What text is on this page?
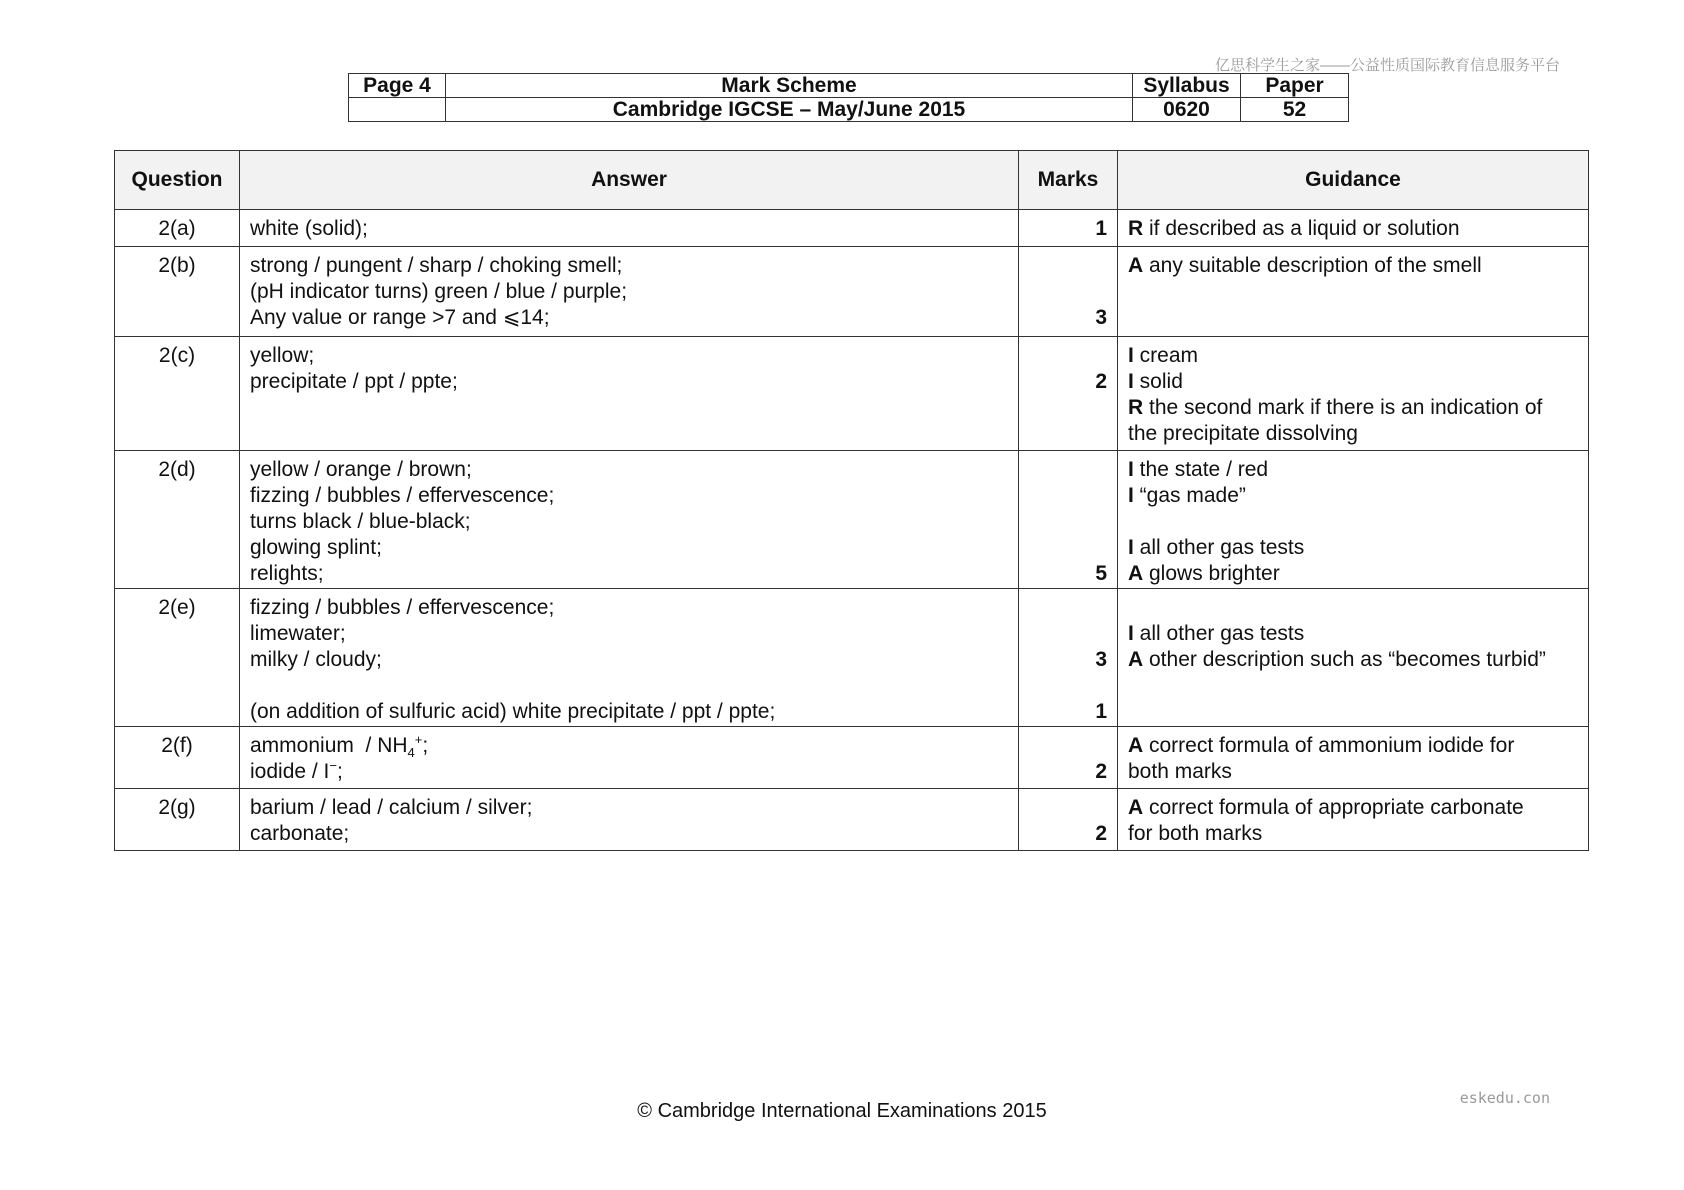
亿思科学生之家——公益性质国际教育信息服务平台
Page 4	Mark Scheme	Syllabus	Paper
	Cambridge IGCSE – May/June 2015	0620	52
Question	Answer	Marks	Guidance
2(a)	white (solid);	1	R if described as a liquid or solution

2(b)	strong / pungent / sharp / choking smell;
(pH indicator turns) green / blue / purple;
Any value or range >7 and ⩽14;	3	A any suitable description of the smell

2(c)	yellow;
precipitate / ppt / ppte;	2	I cream
I solid
R the second mark if there is an indication of
the precipitate dissolving

2(d)	yellow / orange / brown;
fizzing / bubbles / effervescence;
turns black / blue-black;
glowing splint;
relights;	5	I the state / red
I “gas made”
I all other gas tests
A glows brighter

2(e)	fizzing / bubbles / effervescence;
limewater;
milky / cloudy;
(on addition of sulfuric acid) white precipitate / ppt / ppte;	3
1	I all other gas tests
A other description such as “becomes turbid”

2(f)	ammonium  / $NH_4^+$;
iodide / I−;	2	A correct formula of ammonium iodide for
both marks

2(g)	barium / lead / calcium / silver;
carbonate;	2	A correct formula of appropriate carbonate
for both marks
eskedu.con
© Cambridge International Examinations 2015
